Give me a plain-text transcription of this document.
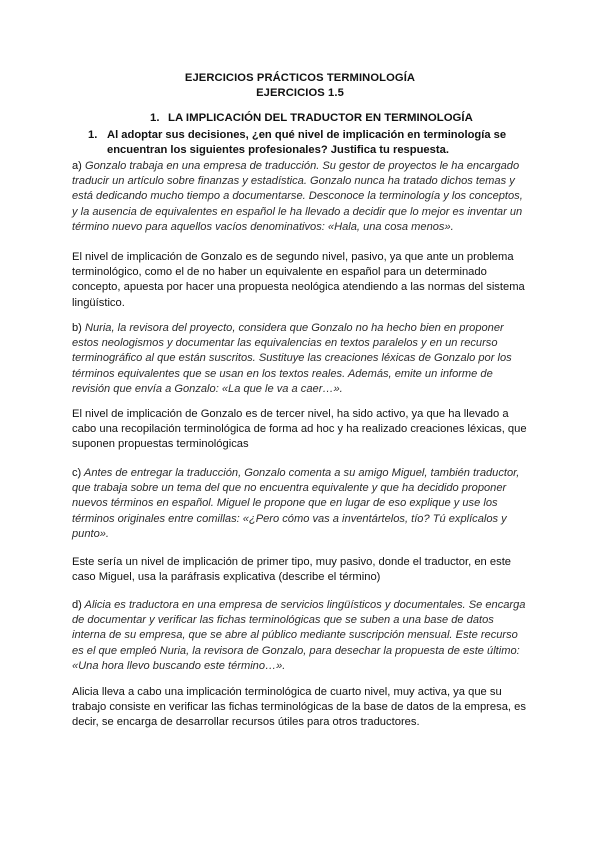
EJERCICIOS PRÁCTICOS TERMINOLOGÍA
EJERCICIOS 1.5
1. LA IMPLICACIÓN DEL TRADUCTOR EN TERMINOLOGÍA
1. Al adoptar sus decisiones, ¿en qué nivel de implicación en terminología se encuentran los siguientes profesionales? Justifica tu respuesta.
a) Gonzalo trabaja en una empresa de traducción. Su gestor de proyectos le ha encargado traducir un artículo sobre finanzas y estadística. Gonzalo nunca ha tratado dichos temas y está dedicando mucho tiempo a documentarse. Desconoce la terminología y los conceptos, y la ausencia de equivalentes en español le ha llevado a decidir que lo mejor es inventar un término nuevo para aquellos vacíos denominativos: «Hala, una cosa menos».
El nivel de implicación de Gonzalo es de segundo nivel, pasivo, ya que ante un problema terminológico, como el de no haber un equivalente en español para un determinado concepto, apuesta por hacer una propuesta neológica atendiendo a las normas del sistema lingüístico.
b) Nuria, la revisora del proyecto, considera que Gonzalo no ha hecho bien en proponer estos neologismos y documentar las equivalencias en textos paralelos y en un recurso terminográfico al que están suscritos. Sustituye las creaciones léxicas de Gonzalo por los términos equivalentes que se usan en los textos reales. Además, emite un informe de revisión que envía a Gonzalo: «La que le va a caer…».
El nivel de implicación de Gonzalo es de tercer nivel, ha sido activo, ya que ha llevado a cabo una recopilación terminológica de forma ad hoc y ha realizado creaciones léxicas, que suponen propuestas terminológicas
c) Antes de entregar la traducción, Gonzalo comenta a su amigo Miguel, también traductor, que trabaja sobre un tema del que no encuentra equivalente y que ha decidido proponer nuevos términos en español. Miguel le propone que en lugar de eso explique y use los términos originales entre comillas: «¿Pero cómo vas a inventártelos, tío? Tú explícalos y punto».
Este sería un nivel de implicación de primer tipo, muy pasivo, donde el traductor, en este caso Miguel, usa la paráfrasis explicativa (describe el término)
d) Alicia es traductora en una empresa de servicios lingüísticos y documentales. Se encarga de documentar y verificar las fichas terminológicas que se suben a una base de datos interna de su empresa, que se abre al público mediante suscripción mensual. Este recurso es el que empleó Nuria, la revisora de Gonzalo, para desechar la propuesta de este último: «Una hora llevo buscando este término…».
Alicia lleva a cabo una implicación terminológica de cuarto nivel, muy activa, ya que su trabajo consiste en verificar las fichas terminológicas de la base de datos de la empresa, es decir, se encarga de desarrollar recursos útiles para otros traductores.
